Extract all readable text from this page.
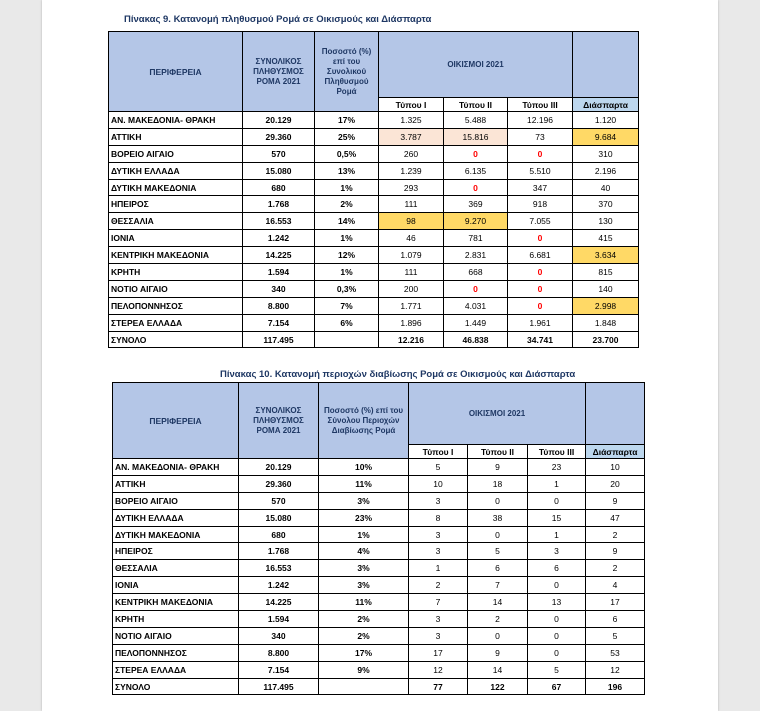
Πίνακας 9. Κατανομή πληθυσμού Ρομά σε Οικισμούς και Διάσπαρτα
Πίνακας 10. Κατανομή περιοχών διαβίωσης Ρομά σε Οικισμούς και Διάσπαρτα
ΠΕΡΙΦΕΡΕΙΑ	ΣΥΝΟΛΙΚΟΣ ΠΛΗΘΥΣΜΟΣ ΡΟΜΑ 2021	Ποσοστό (%) επί του Συνολικού Πληθυσμού Ρομά	ΟΙΚΙΣΜΟΙ 2021			
			Τύπου Ι	Τύπου ΙΙ	Τύπου ΙΙΙ	Διάσπαρτα
ΑΝ. ΜΑΚΕΔΟΝΙΑ- ΘΡΑΚΗ	20.129	17%	1.325	5.488	12.196	1.120
ΑΤΤΙΚΗ	29.360	25%	3.787	15.816	73	9.684
ΒΟΡΕΙΟ ΑΙΓΑΙΟ	570	0,5%	260	0	0	310
ΔΥΤΙΚΗ ΕΛΛΑΔΑ	15.080	13%	1.239	6.135	5.510	2.196
ΔΥΤΙΚΗ ΜΑΚΕΔΟΝΙΑ	680	1%	293	0	347	40
ΗΠΕΙΡΟΣ	1.768	2%	111	369	918	370
ΘΕΣΣΑΛΙΑ	16.553	14%	98	9.270	7.055	130
ΙΟΝΙΑ	1.242	1%	46	781	0	415
ΚΕΝΤΡΙΚΗ ΜΑΚΕΔΟΝΙΑ	14.225	12%	1.079	2.831	6.681	3.634
ΚΡΗΤΗ	1.594	1%	111	668	0	815
ΝΟΤΙΟ ΑΙΓΑΙΟ	340	0,3%	200	0	0	140
ΠΕΛΟΠΟΝΝΗΣΟΣ	8.800	7%	1.771	4.031	0	2.998
ΣΤΕΡΕΑ ΕΛΛΑΔΑ	7.154	6%	1.896	1.449	1.961	1.848
ΣΥΝΟΛΟ	117.495		12.216	46.838	34.741	23.700
ΠΕΡΙΦΕΡΕΙΑ	ΣΥΝΟΛΙΚΟΣ ΠΛΗΘΥΣΜΟΣ ΡΟΜΑ 2021	Ποσοστό (%) επί του Σύνολου Περιοχών Διαβίωσης Ρομά	ΟΙΚΙΣΜΟΙ 2021			
			Τύπου Ι	Τύπου ΙΙ	Τύπου ΙΙΙ	Διάσπαρτα
ΑΝ. ΜΑΚΕΔΟΝΙΑ- ΘΡΑΚΗ	20.129	10%	5	9	23	10
ΑΤΤΙΚΗ	29.360	11%	10	18	1	20
ΒΟΡΕΙΟ ΑΙΓΑΙΟ	570	3%	3	0	0	9
ΔΥΤΙΚΗ ΕΛΛΑΔΑ	15.080	23%	8	38	15	47
ΔΥΤΙΚΗ ΜΑΚΕΔΟΝΙΑ	680	1%	3	0	1	2
ΗΠΕΙΡΟΣ	1.768	4%	3	5	3	9
ΘΕΣΣΑΛΙΑ	16.553	3%	1	6	6	2
ΙΟΝΙΑ	1.242	3%	2	7	0	4
ΚΕΝΤΡΙΚΗ ΜΑΚΕΔΟΝΙΑ	14.225	11%	7	14	13	17
ΚΡΗΤΗ	1.594	2%	3	2	0	6
ΝΟΤΙΟ ΑΙΓΑΙΟ	340	2%	3	0	0	5
ΠΕΛΟΠΟΝΝΗΣΟΣ	8.800	17%	17	9	0	53
ΣΤΕΡΕΑ ΕΛΛΑΔΑ	7.154	9%	12	14	5	12
ΣΥΝΟΛΟ	117.495		77	122	67	196
